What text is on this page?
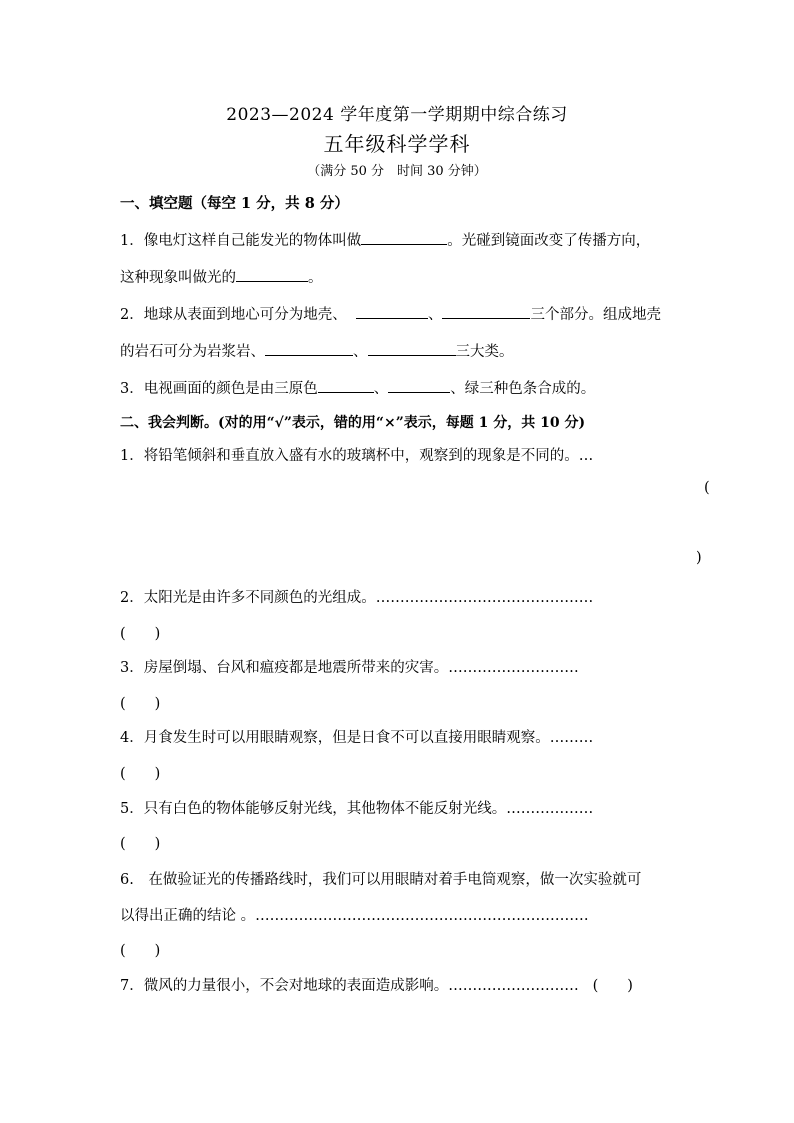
2023—2024 学年度第一学期期中综合练习
五年级科学学科
（满分 50 分　时间 30 分钟）
一、填空题（每空 1 分，共 8 分）
1．像电灯这样自己能发光的物体叫做	。光碰到镜面改变了传播方向，
这种现象叫做光的	。
2．地球从表面到地心可分为地壳、	、	三个部分。组成地壳
的岩石可分为岩浆岩、	、	三大类。
3．电视画面的颜色是由三原色	、	、绿三种色条合成的。
二、我会判断。(对的用“√”表示，错的用“×”表示，每题 1 分，共 10 分)
1．将铅笔倾斜和垂直放入盛有水的玻璃杯中，观察到的现象是不同的。…
(
)
2．太阳光是由许多不同颜色的光组成。………………………………………
(　　)
3．房屋倒塌、台风和瘟疫都是地震所带来的灾害。………………………
(　　)
4．月食发生时可以用眼睛观察，但是日食不可以直接用眼睛观察。………
(　　)
5．只有白色的物体能够反射光线，其他物体不能反射光线。………………
(　　)
6.　在做验证光的传播路线时，我们可以用眼睛对着手电筒观察，做一次实验就可
以得出正确的结论 。……………………………………………………………
(　　)
7．微风的力量很小，不会对地球的表面造成影响。……………………… (　　)
